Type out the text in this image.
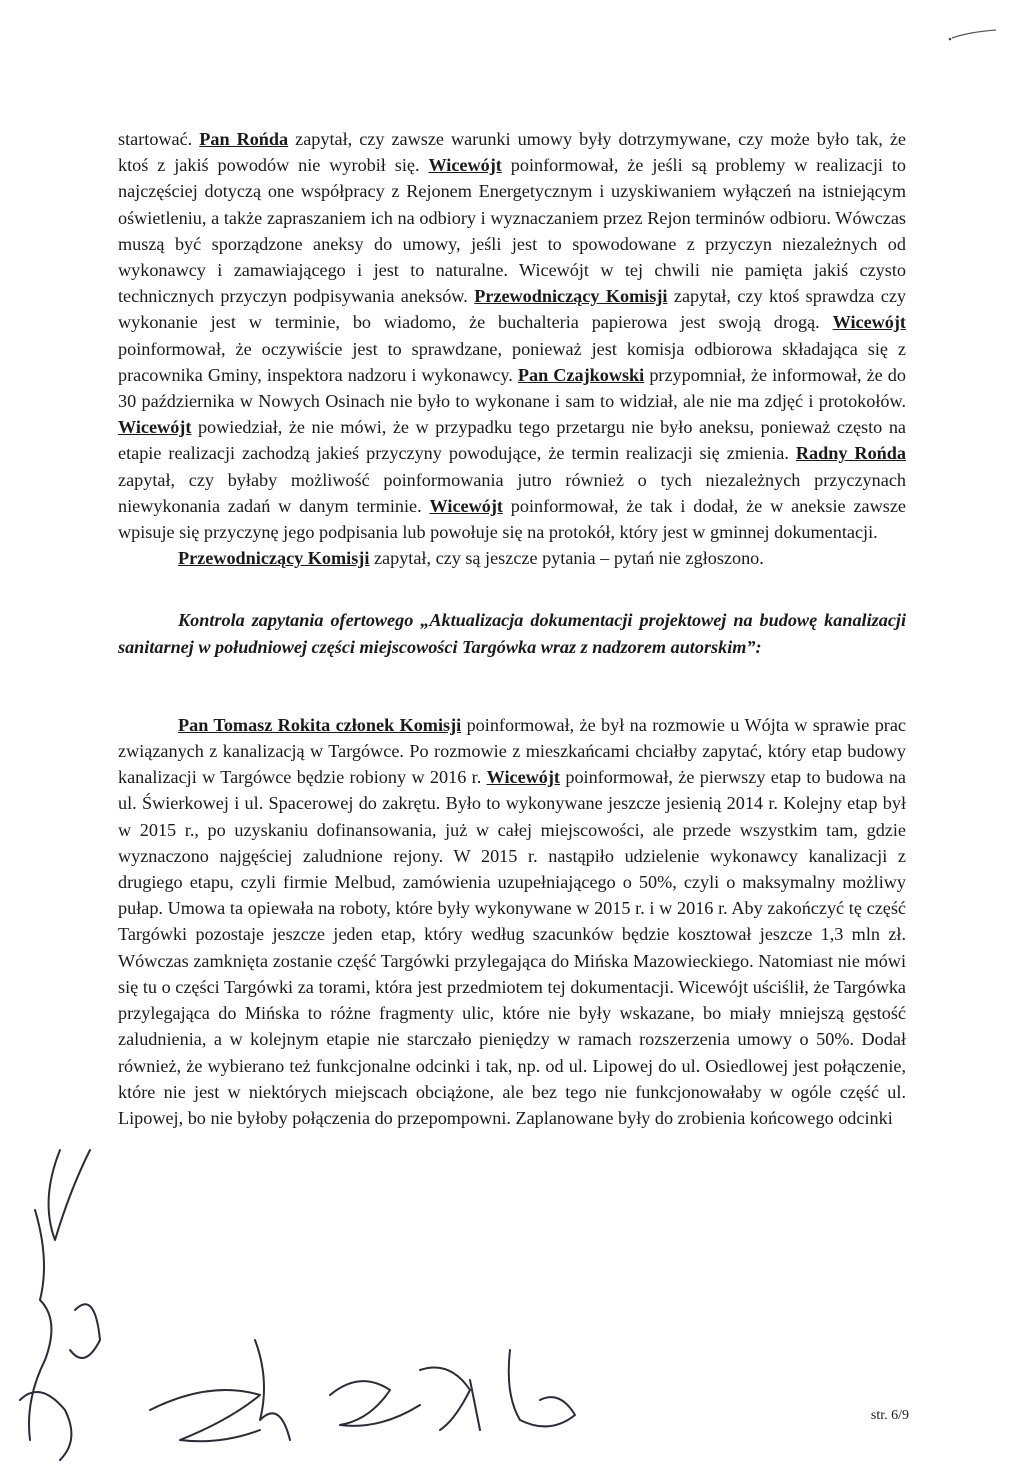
startować. Pan Rońda zapytał, czy zawsze warunki umowy były dotrzymywane, czy może było tak, że ktoś z jakiś powodów nie wyrobił się. Wicewójt poinformował, że jeśli są problemy w realizacji to najczęściej dotyczą one współpracy z Rejonem Energetycznym i uzyskiwaniem wyłączeń na istniejącym oświetleniu, a także zapraszaniem ich na odbiory i wyznaczaniem przez Rejon terminów odbioru. Wówczas muszą być sporządzone aneksy do umowy, jeśli jest to spowodowane z przyczyn niezależnych od wykonawcy i zamawiającego i jest to naturalne. Wicewójt w tej chwili nie pamięta jakiś czysto technicznych przyczyn podpisywania aneksów. Przewodniczący Komisji zapytał, czy ktoś sprawdza czy wykonanie jest w terminie, bo wiadomo, że buchalteria papierowa jest swoją drogą. Wicewójt poinformował, że oczywiście jest to sprawdzane, ponieważ jest komisja odbiorowa składająca się z pracownika Gminy, inspektora nadzoru i wykonawcy. Pan Czajkowski przypomniał, że informował, że do 30 października w Nowych Osinach nie było to wykonane i sam to widział, ale nie ma zdjęć i protokołów. Wicewójt powiedział, że nie mówi, że w przypadku tego przetargu nie było aneksu, ponieważ często na etapie realizacji zachodzą jakieś przyczyny powodujące, że termin realizacji się zmienia. Radny Rońda zapytał, czy byłaby możliwość poinformowania jutro również o tych niezależnych przyczynach niewykonania zadań w danym terminie. Wicewójt poinformował, że tak i dodał, że w aneksie zawsze wpisuje się przyczynę jego podpisania lub powołuje się na protokół, który jest w gminnej dokumentacji.

Przewodniczący Komisji zapytał, czy są jeszcze pytania – pytań nie zgłoszono.

Kontrola zapytania ofertowego „Aktualizacja dokumentacji projektowej na budowę kanalizacji sanitarnej w południowej części miejscowości Targówka wraz z nadzorem autorskim”:

Pan Tomasz Rokita członek Komisji poinformował, że był na rozmowie u Wójta w sprawie prac związanych z kanalizacją w Targówce. Po rozmowie z mieszkańcami chciałby zapytać, który etap budowy kanalizacji w Targówce będzie robiony w 2016 r. Wicewójt poinformował, że pierwszy etap to budowa na ul. Świerkowej i ul. Spacerowej do zakrętu. Było to wykonywane jeszcze jesienią 2014 r. Kolejny etap był w 2015 r., po uzyskaniu dofinansowania, już w całej miejscowości, ale przede wszystkim tam, gdzie wyznaczono najgęściej zaludnione rejony. W 2015 r. nastąpiło udzielenie wykonawcy kanalizacji z drugiego etapu, czyli firmie Melbud, zamówienia uzupełniającego o 50%, czyli o maksymalny możliwy pułap. Umowa ta opiewała na roboty, które były wykonywane w 2015 r. i w 2016 r. Aby zakończyć tę część Targówki pozostaje jeszcze jeden etap, który według szacunków będzie kosztował jeszcze 1,3 mln zł. Wówczas zamknięta zostanie część Targówki przylegająca do Mińska Mazowieckiego. Natomiast nie mówi się tu o części Targówki za torami, która jest przedmiotem tej dokumentacji. Wicewójt uściślił, że Targówka przylegająca do Mińska to różne fragmenty ulic, które nie były wskazane, bo miały mniejszą gęstość zaludnienia, a w kolejnym etapie nie starczało pieniędzy w ramach rozszerzenia umowy o 50%. Dodał również, że wybierano też funkcjonalne odcinki i tak, np. od ul. Lipowej do ul. Osiedlowej jest połączenie, które nie jest w niektórych miejscach obciążone, ale bez tego nie funkcjonowałaby w ogóle część ul. Lipowej, bo nie byłoby połączenia do przepompowni. Zaplanowane były do zrobienia końcowego odcinki

str. 6/9
